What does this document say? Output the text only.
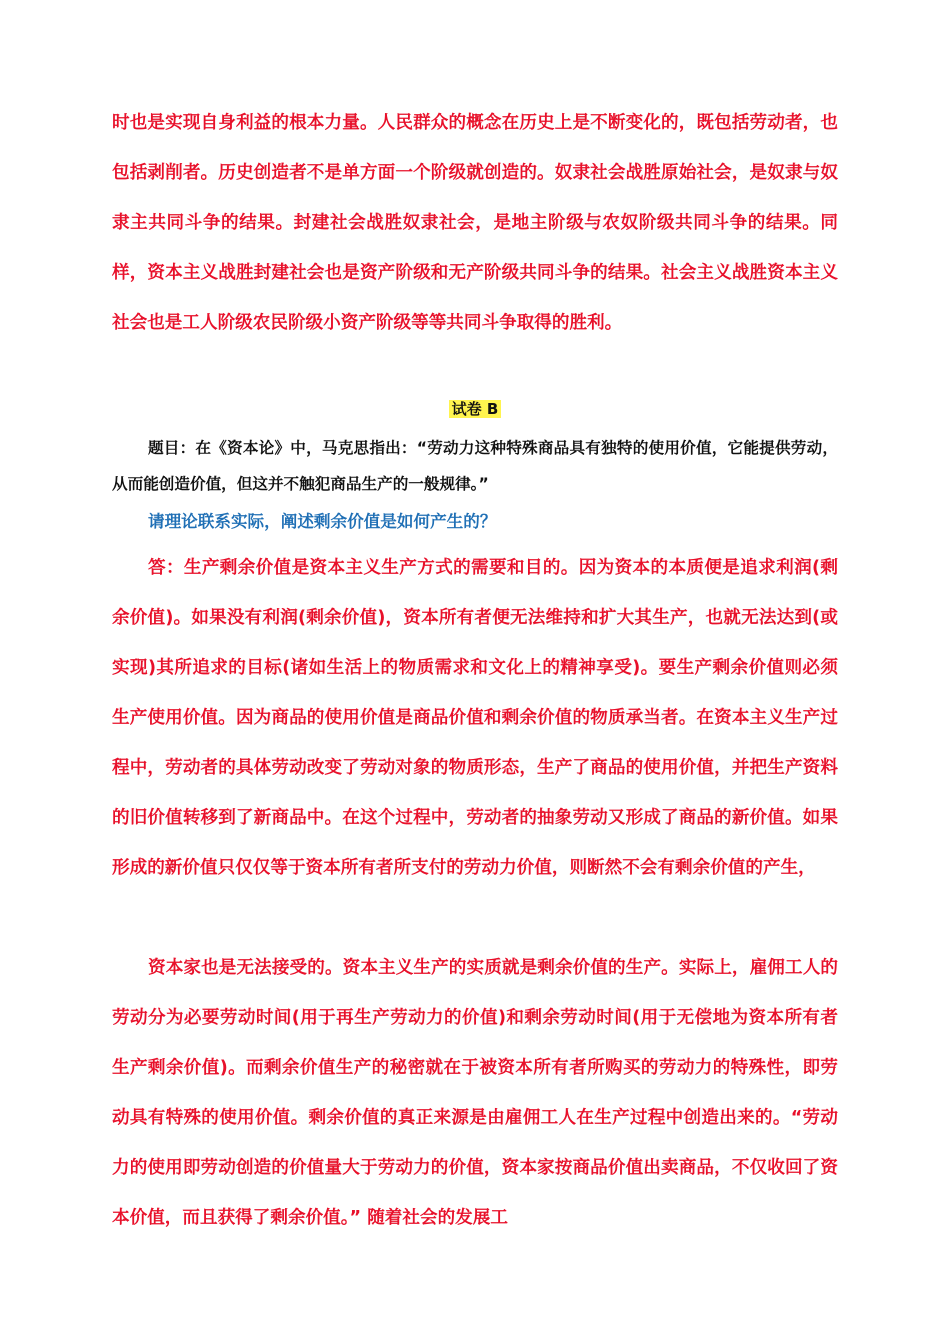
时也是实现自身利益的根本力量。人民群众的概念在历史上是不断变化的，既包括劳动者，也包括剥削者。历史创造者不是单方面一个阶级就创造的。奴隶社会战胜原始社会，是奴隶与奴隶主共同斗争的结果。封建社会战胜奴隶社会，是地主阶级与农奴阶级共同斗争的结果。同样，资本主义战胜封建社会也是资产阶级和无产阶级共同斗争的结果。社会主义战胜资本主义社会也是工人阶级农民阶级小资产阶级等等共同斗争取得的胜利。
试卷 B
题目：在《资本论》中，马克思指出：“劳动力这种特殊商品具有独特的使用价值，它能提供劳动，从而能创造价值，但这并不触犯商品生产的一般规律。”
请理论联系实际，阐述剩余价值是如何产生的？
答：生产剩余价值是资本主义生产方式的需要和目的。因为资本的本质便是追求利润(剩余价值)。如果没有利润(剩余价值)，资本所有者便无法维持和扩大其生产，也就无法达到(或实现)其所追求的目标(诸如生活上的物质需求和文化上的精神享受)。要生产剩余价值则必须生产使用价值。因为商品的使用价值是商品价值和剩余价值的物质承当者。在资本主义生产过程中，劳动者的具体劳动改变了劳动对象的物质形态，生产了商品的使用价值，并把生产资料的旧价值转移到了新商品中。在这个过程中，劳动者的抽象劳动又形成了商品的新价值。如果形成的新价值只仅仅等于资本所有者所支付的劳动力价值，则断然不会有剩余价值的产生，
资本家也是无法接受的。资本主义生产的实质就是剩余价值的生产。实际上，雇佣工人的劳动分为必要劳动时间(用于再生产劳动力的价值)和剩余劳动时间(用于无偿地为资本所有者生产剩余价值)。而剩余价值生产的秘密就在于被资本所有者所购买的劳动力的特殊性，即劳动具有特殊的使用价值。剩余价值的真正来源是由雇佣工人在生产过程中创造出来的。“劳动力的使用即劳动创造的价值量大于劳动力的价值，资本家按商品价值出卖商品，不仅收回了资本价值，而且获得了剩余价值。” 随着社会的发展工
